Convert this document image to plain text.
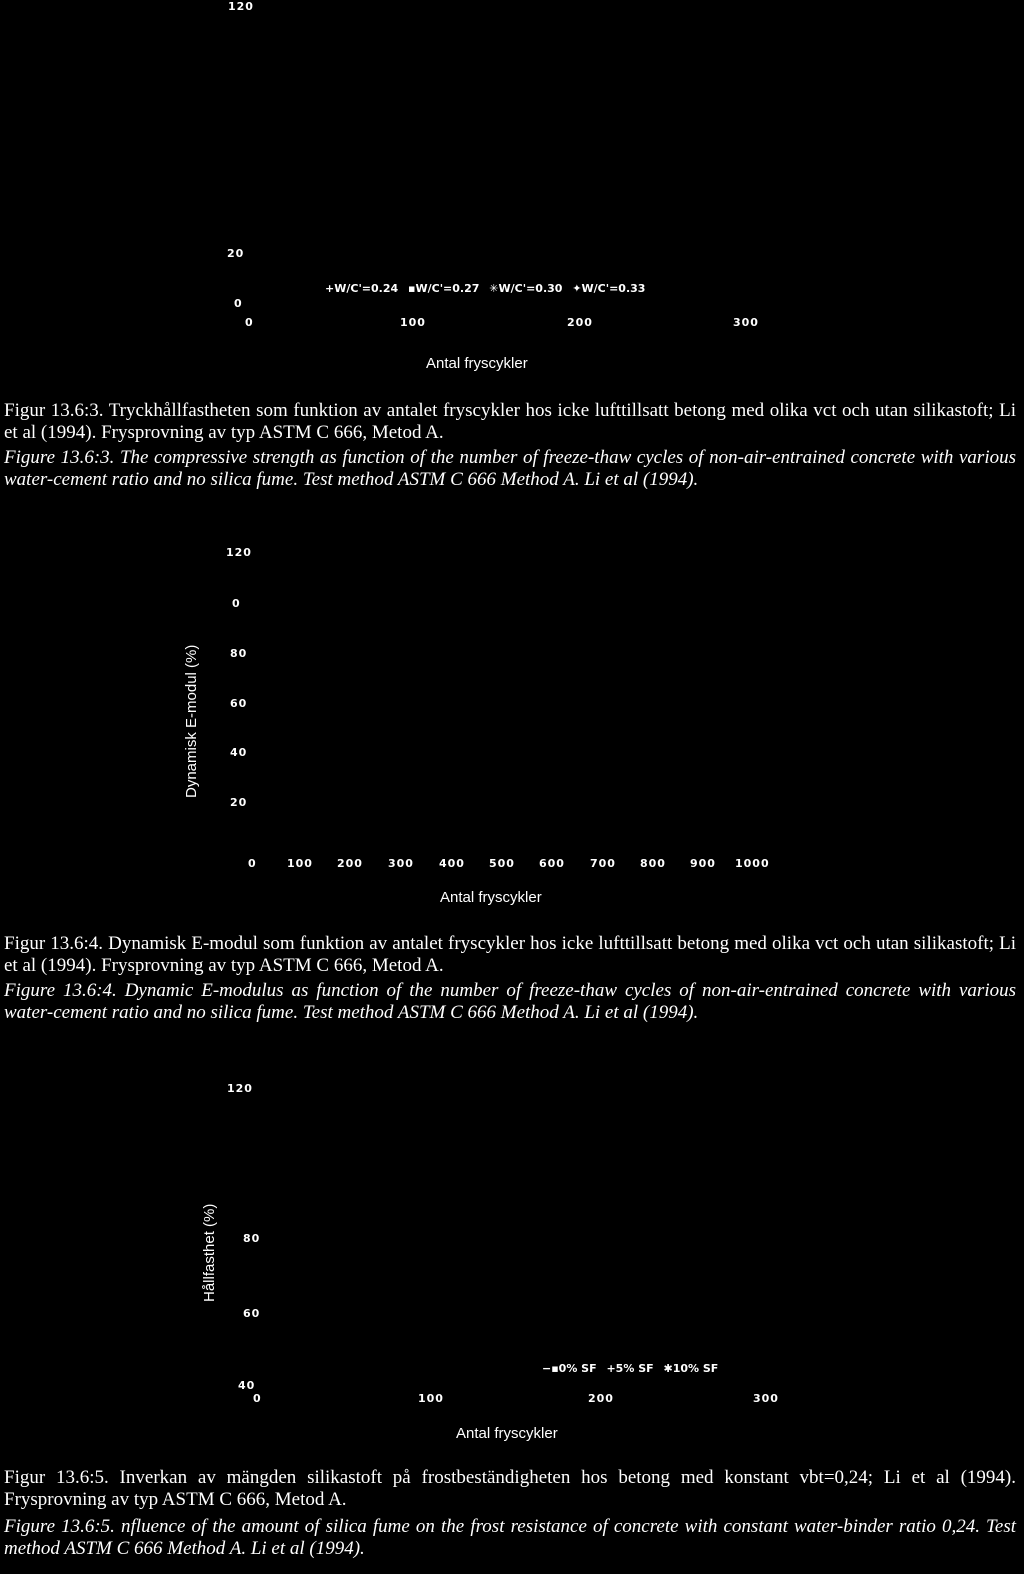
120
20
0
+W/C'=0.24 ▪W/C'=0.27 ✳W/C'=0.30 ✦W/C'=0.33
0	100	200	300
Antal fryscykler
Figur 13.6:3. Tryckhållfastheten som funktion av antalet fryscykler hos icke lufttillsatt betong med olika vct och utan silikastoft; Li et al (1994). Frysprovning av typ ASTM C 666, Metod A.
Figure 13.6:3. The compressive strength as function of the number of freeze-thaw cycles of non-air-entrained concrete with various water-cement ratio and no silica fume. Test method ASTM C 666 Method A. Li et al (1994).
120
Dynamisk E-modul (%)
0
80
60
40
20
0	100 200 300 400 500 600 700 800 900 1000
Antal fryscykler
Figur 13.6:4. Dynamisk E-modul som funktion av antalet fryscykler hos icke lufttillsatt betong med olika vct och utan silikastoft; Li et al (1994). Frysprovning av typ ASTM C 666, Metod A.
Figure 13.6:4. Dynamic E-modulus as function of the number of freeze-thaw cycles of non-air-entrained concrete with various water-cement ratio and no silica fume. Test method ASTM C 666 Method A. Li et al (1994).
120
Hållfasthet (%) 80
60
40
−▪0% SF +5% SF ✱10% SF
0	100	200	300
Antal fryscykler
Figur 13.6:5. Inverkan av mängden silikastoft på frostbeständigheten hos betong med konstant vbt=0,24; Li et al (1994). Frysprovning av typ ASTM C 666, Metod A.
Figure 13.6:5. nfluence of the amount of silica fume on the frost resistance of concrete with constant water-binder ratio 0,24. Test method ASTM C 666 Method A. Li et al (1994).
